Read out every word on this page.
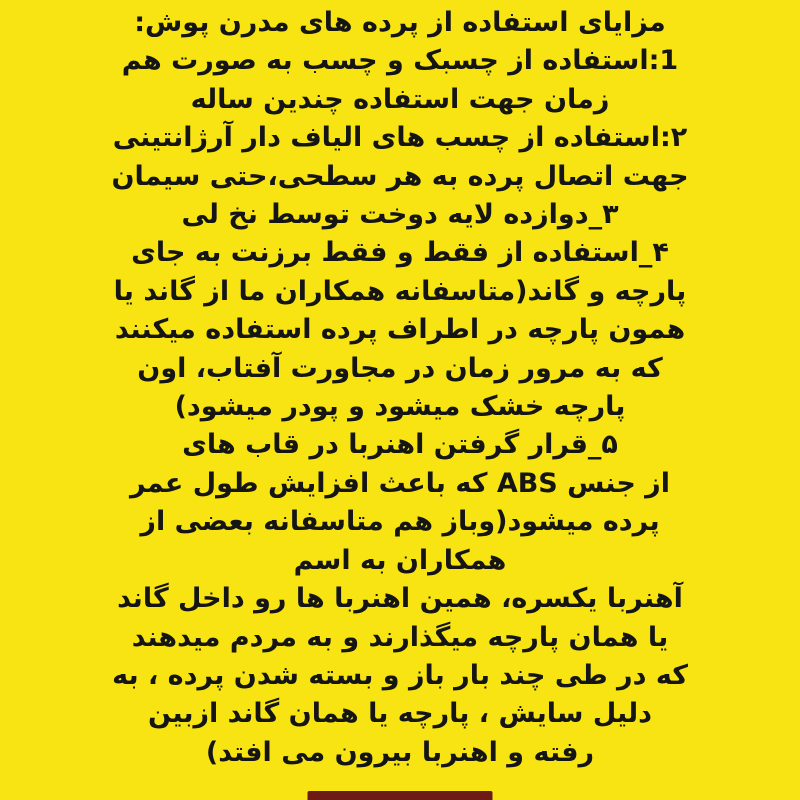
مزایای استفاده از پرده های مدرن پوش:
1:استفاده از چسبک و چسب به صورت هم
زمان جهت استفاده چندین ساله
۲:استفاده از چسب های الیاف دار آرژانتینی
جهت اتصال پرده به هر سطحی،حتی سیمان
۳_دوازده لایه دوخت توسط نخ لی
۴_استفاده از فقط و فقط برزنت به جای
پارچه و گاند(متاسفانه همکاران ما از گاند یا
همون پارچه در اطراف پرده استفاده میکنند
که به مرور زمان در مجاورت آفتاب، اون
پارچه خشک میشود و پودر میشود)
۵_قرار گرفتن اهنربا در قاب های
از جنس ABS که باعث افزایش طول عمر
پرده میشود(وباز هم متاسفانه بعضی از
همکاران به اسم
آهنربا یکسره، همین اهنربا ها رو داخل گاند
یا همان پارچه میگذارند و به مردم میدهند
که در طی چند بار باز و بسته شدن پرده ، به
دلیل سایش ، پارچه یا همان گاند ازبین
رفته و اهنربا بیرون می افتد)
